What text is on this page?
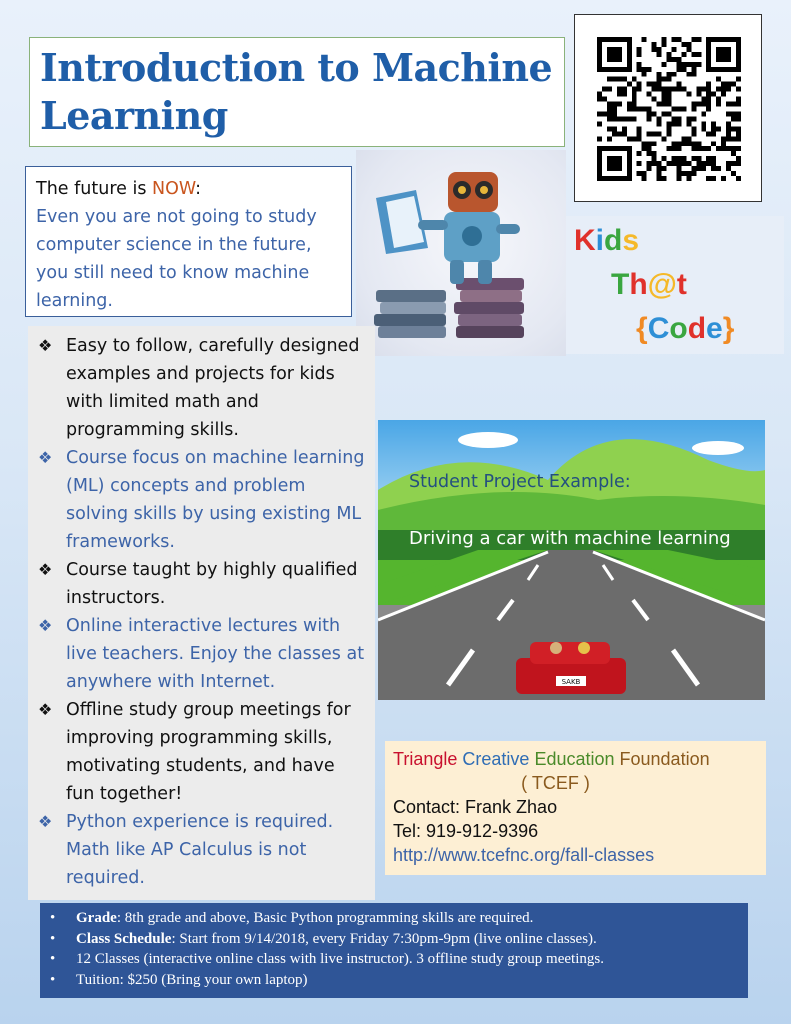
Introduction to Machine Learning
The future is NOW:
Even you are not going to study computer science in the future, you still need to know machine learning.
Kids
Th@t
{Code}
❖ Easy to follow, carefully designed examples and projects for kids with limited math and programming skills.
❖ Course focus on machine learning (ML) concepts and problem solving skills by using existing ML frameworks.
❖ Course taught by highly qualified instructors.
❖ Online interactive lectures with live teachers. Enjoy the classes at anywhere with Internet.
❖ Offline study group meetings for improving programming skills, motivating students, and have fun together!
❖ Python experience is required. Math like AP Calculus is not required.
SAKB
Student Project Example:
Driving a car with machine learning
Triangle Creative Education Foundation
( TCEF )
Contact: Frank Zhao
Tel: 919-912-9396
http://www.tcefnc.org/fall-classes
•	Grade: 8th grade and above, Basic Python programming skills are required.
•	Class Schedule: Start from 9/14/2018, every Friday 7:30pm-9pm (live online classes).
•	12 Classes (interactive online class with live instructor). 3 offline study group meetings.
•	Tuition: $250 (Bring your own laptop)
